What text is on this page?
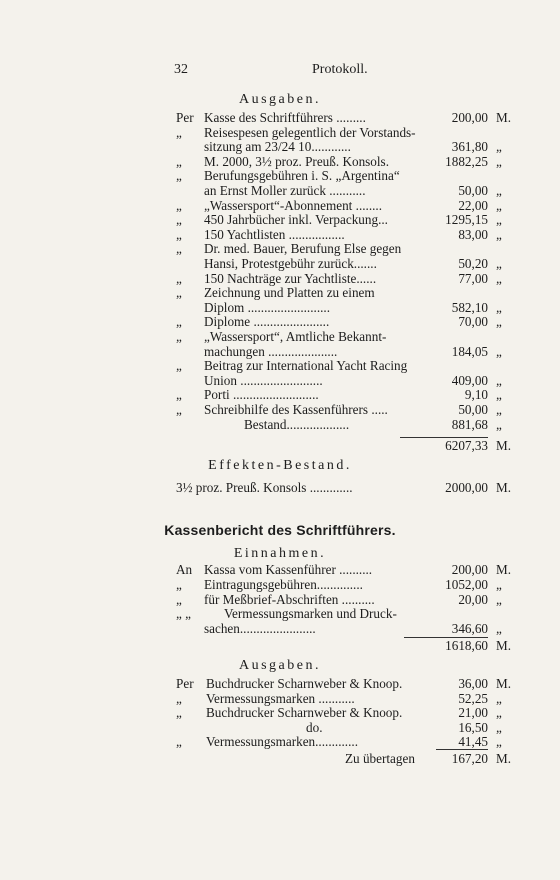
32	Protokoll.
Ausgaben.
Per Kasse des Schriftführers .........	200,00 M.
„	Reisespesen gelegentlich der Vorstands-
sitzung am 23/24 10............	361,80 „
„	M. 2000, 3½ proz. Preuß. Konsols.	1882,25 „
„	Berufungsgebühren i. S. „Argentina“
an Ernst Moller zurück ...........	50,00 „
„	„Wassersport“-Abonnement ........	22,00 „
„	450 Jahrbücher inkl. Verpackung...	1295,15 „
„	150 Yachtlisten .................	83,00 „
„	Dr. med. Bauer, Berufung Else gegen
Hansi, Protestgebühr zurück.......	50,20 „
„	150 Nachträge zur Yachtliste......	77,00 „
„	Zeichnung und Platten zu einem
Diplom .........................	582,10 „
„	Diplome .......................	70,00 „
„	„Wassersport“, Amtliche Bekannt-
machungen .....................	184,05 „
„	Beitrag zur International Yacht Racing
Union .........................	409,00 „
„	Porti ..........................	9,10 „
„	Schreibhilfe des Kassenführers .....	50,00 „
Bestand...................	881,68 „
6207,33 M.
Effekten-Bestand.
3½ proz. Preuß. Konsols .............	2000,00 M.
Kassenbericht des Schriftführers.
Einnahmen.
An Kassa vom Kassenführer ..........	200,00 M.
„	Eintragungsgebühren..............	1052,00 „
„	für Meßbrief-Abschriften ..........	20,00 „
„ „	Vermessungsmarken und Druck-
sachen.......................	346,60 „
1618,60 M.
Ausgaben.
Per Buchdrucker Scharnweber & Knoop.	36,00 M.
„	Vermessungsmarken ...........	52,25 „
„	Buchdrucker Scharnweber & Knoop.	21,00 „
do.	16,50 „
„	Vermessungsmarken.............	41,45 „
Zu übertagen	167,20 M.
